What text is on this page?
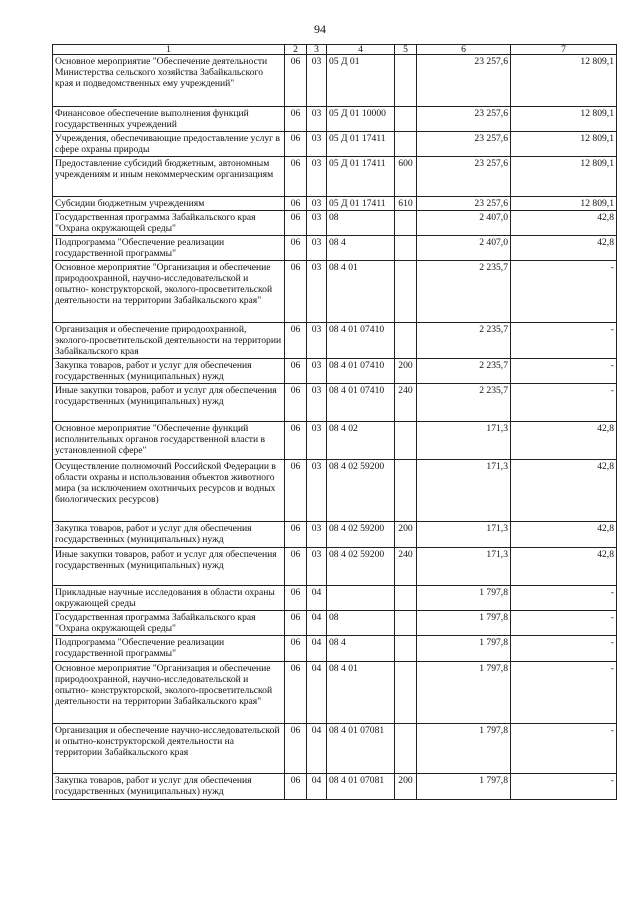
94
1	2	3	4	5	6	7
Основное мероприятие "Обеспечение деятельности Министерства сельского хозяйства Забайкальского края и подведомственных ему учреждений"	06	03	05 Д 01		23 257,6	12 809,1
Финансовое обеспечение выполнения функций государственных учреждений	06	03	05 Д 01 10000		23 257,6	12 809,1
Учреждения, обеспечивающие предоставление услуг в сфере охраны природы	06	03	05 Д 01 17411		23 257,6	12 809,1
Предоставление субсидий бюджетным, автономным учреждениям и иным некоммерческим организациям	06	03	05 Д 01 17411	600	23 257,6	12 809,1
Субсидии бюджетным учреждениям	06	03	05 Д 01 17411	610	23 257,6	12 809,1
Государственная программа Забайкальского края "Охрана окружающей среды"	06	03	08		2 407,0	42,8
Подпрограмма "Обеспечение реализации государственной программы"	06	03	08 4		2 407,0	42,8
Основное мероприятие "Организация и обеспечение природоохранной, научно-исследовательской и опытно- конструкторской, эколого-просветительской деятельности на территории Забайкальского края"	06	03	08 4 01		2 235,7	-
Организация и обеспечение природоохранной, эколого-просветительской деятельности на территории Забайкальского края	06	03	08 4 01 07410		2 235,7	-
Закупка товаров, работ и услуг для обеспечения государственных (муниципальных) нужд	06	03	08 4 01 07410	200	2 235,7	-
Иные закупки товаров, работ и услуг для обеспечения государственных (муниципальных) нужд	06	03	08 4 01 07410	240	2 235,7	-
Основное мероприятие "Обеспечение функций исполнительных органов государственной власти в установленной сфере"	06	03	08 4 02		171,3	42,8
Осуществление полномочий Российской Федерации в области охраны и использования объектов животного мира (за исключением охотничьих ресурсов и водных биологических ресурсов)	06	03	08 4 02 59200		171,3	42,8
Закупка товаров, работ и услуг для обеспечения государственных (муниципальных) нужд	06	03	08 4 02 59200	200	171,3	42,8
Иные закупки товаров, работ и услуг для обеспечения государственных (муниципальных) нужд	06	03	08 4 02 59200	240	171,3	42,8
Прикладные научные исследования в области охраны окружающей среды	06	04			1 797,8	-
Государственная программа Забайкальского края "Охрана окружающей среды"	06	04	08		1 797,8	-
Подпрограмма "Обеспечение реализации государственной программы"	06	04	08 4		1 797,8	-
Основное мероприятие "Организация и обеспечение природоохранной, научно-исследовательской и опытно- конструкторской, эколого-просветительской деятельности на территории Забайкальского края"	06	04	08 4 01		1 797,8	-
Организация и обеспечение научно-исследовательской и опытно-конструкторской деятельности на территории Забайкальского края	06	04	08 4 01 07081		1 797,8	-
Закупка товаров, работ и услуг для обеспечения государственных (муниципальных) нужд	06	04	08 4 01 07081	200	1 797,8	-
